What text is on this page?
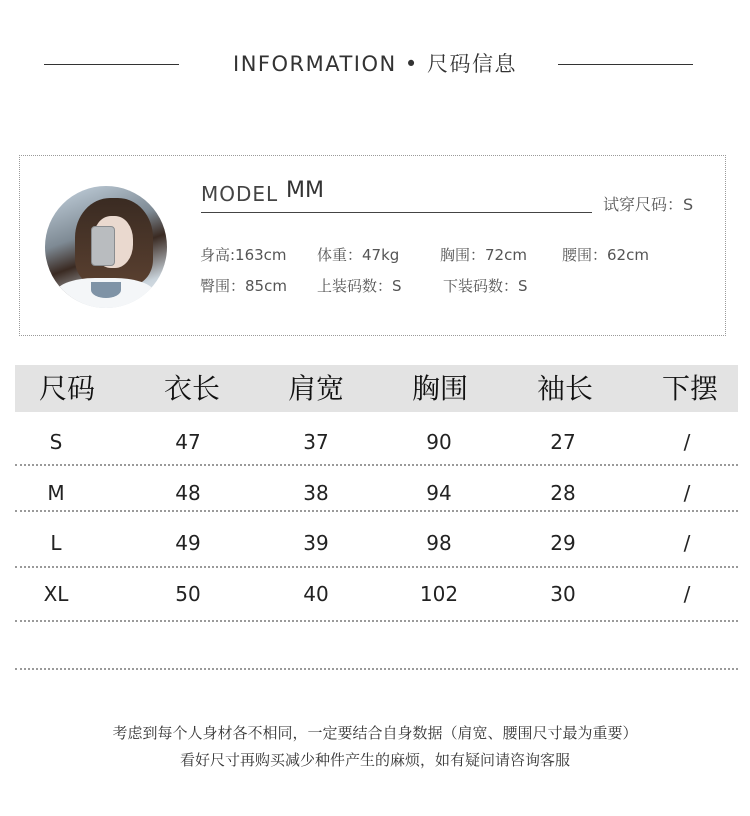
INFORMATION • 尺码信息
MODEL MM
试穿尺码：S
身高:163cm 体重：47kg	胸围：72cm 腰围：62cm
臀围：85cm 上装码数：S	下装码数：S
尺码	衣长	肩宽	胸围	袖长	下摆
S	47	37	90	27	/
M	48	38	94	28	/
L	49	39	98	29	/
XL	50	40	102	30	/
考虑到每个人身材各不相同，一定要结合自身数据（肩宽、腰围尺寸最为重要）
看好尺寸再购买减少种件产生的麻烦，如有疑问请咨询客服
